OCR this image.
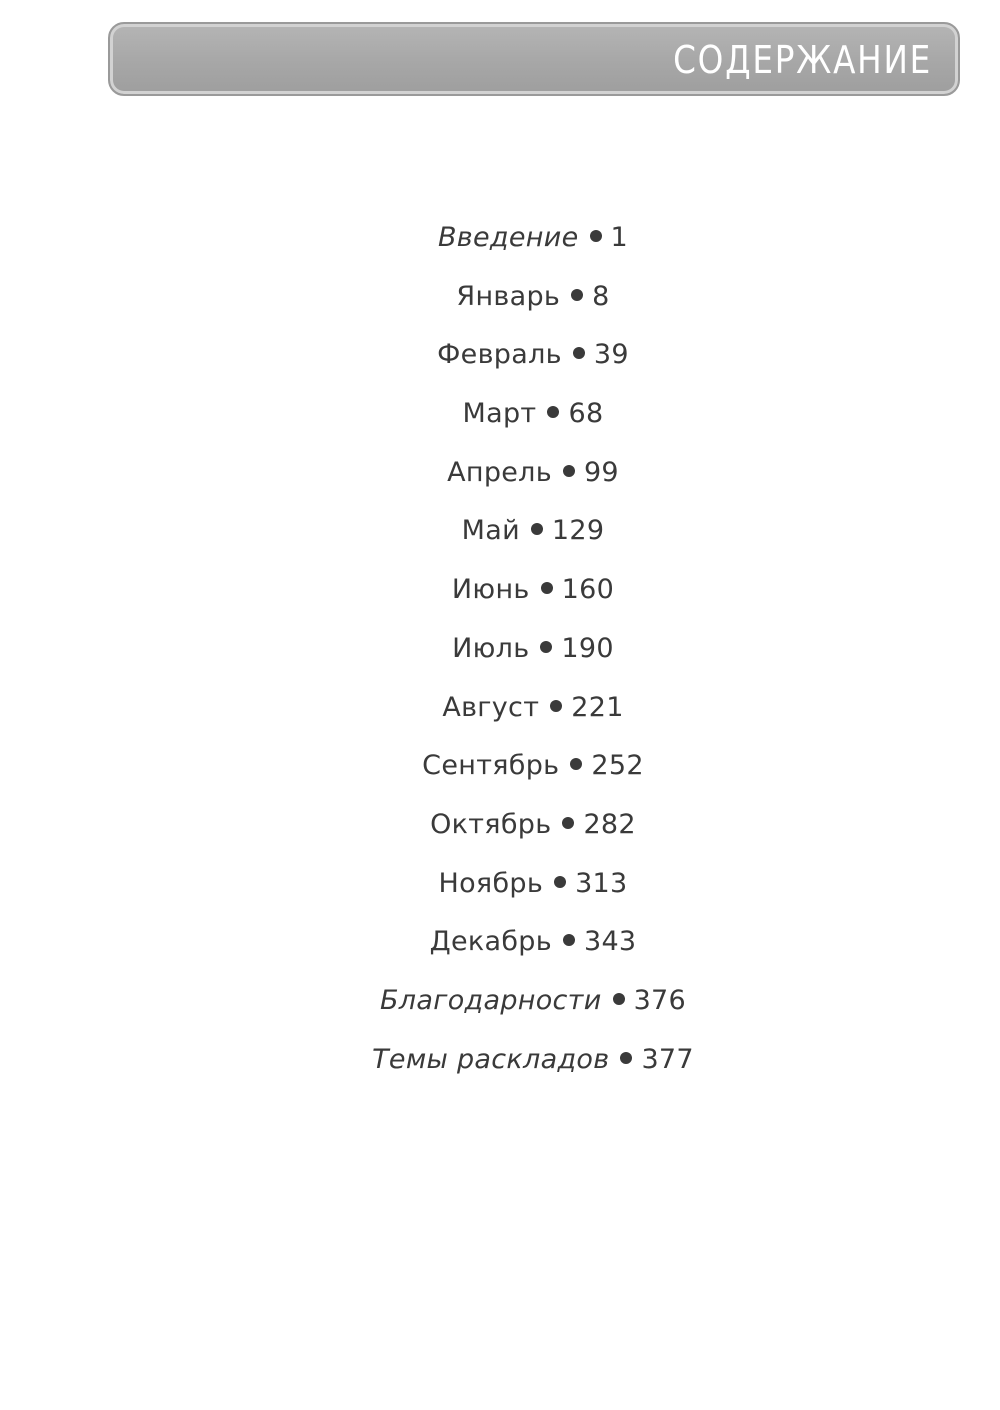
СОДЕРЖАНИЕ
Введение 1
Январь 8
Февраль 39
Март 68
Апрель 99
Май 129
Июнь 160
Июль 190
Август 221
Сентябрь 252
Октябрь 282
Ноябрь 313
Декабрь 343
Благодарности 376
Темы раскладов 377
